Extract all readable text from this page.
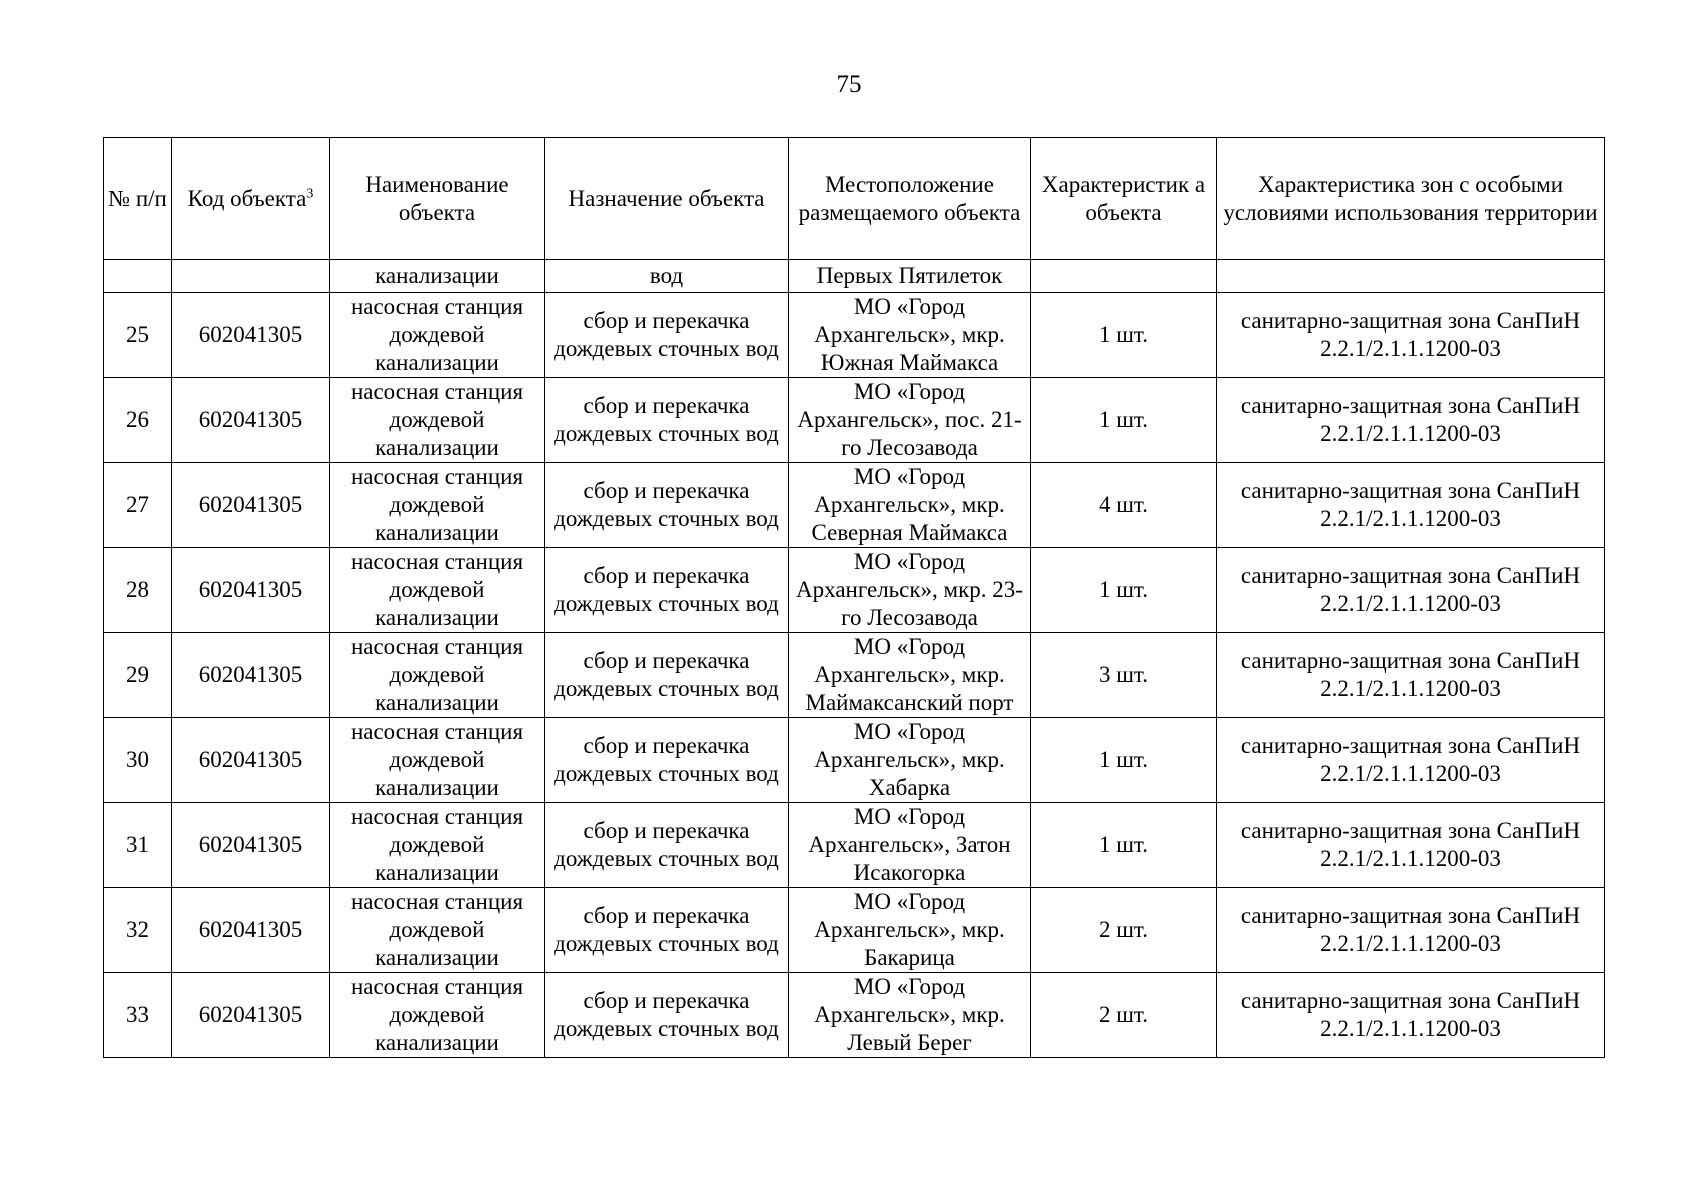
75
№ п/п	Код объекта$^3$	Наименование объекта	Назначение объекта	Местоположение размещаемого объекта	Характеристик а объекта	Характеристика зон с особыми условиями использования территории
		канализации	вод	Первых Пятилеток		
25	602041305	насосная станция дождевой канализации	сбор и перекачка дождевых сточных вод	МО «Город Архангельск», мкр. Южная Маймакса	1 шт.	санитарно-защитная зона СанПиН 2.2.1/2.1.1.1200-03
26	602041305	насосная станция дождевой канализации	сбор и перекачка дождевых сточных вод	МО «Город Архангельск», пос. 21-го Лесозавода	1 шт.	санитарно-защитная зона СанПиН 2.2.1/2.1.1.1200-03
27	602041305	насосная станция дождевой канализации	сбор и перекачка дождевых сточных вод	МО «Город Архангельск», мкр. Северная Маймакса	4 шт.	санитарно-защитная зона СанПиН 2.2.1/2.1.1.1200-03
28	602041305	насосная станция дождевой канализации	сбор и перекачка дождевых сточных вод	МО «Город Архангельск», мкр. 23-го Лесозавода	1 шт.	санитарно-защитная зона СанПиН 2.2.1/2.1.1.1200-03
29	602041305	насосная станция дождевой канализации	сбор и перекачка дождевых сточных вод	МО «Город Архангельск», мкр. Маймаксанский порт	3 шт.	санитарно-защитная зона СанПиН 2.2.1/2.1.1.1200-03
30	602041305	насосная станция дождевой канализации	сбор и перекачка дождевых сточных вод	МО «Город Архангельск», мкр. Хабарка	1 шт.	санитарно-защитная зона СанПиН 2.2.1/2.1.1.1200-03
31	602041305	насосная станция дождевой канализации	сбор и перекачка дождевых сточных вод	МО «Город Архангельск», Затон Исакогорка	1 шт.	санитарно-защитная зона СанПиН 2.2.1/2.1.1.1200-03
32	602041305	насосная станция дождевой канализации	сбор и перекачка дождевых сточных вод	МО «Город Архангельск», мкр. Бакарица	2 шт.	санитарно-защитная зона СанПиН 2.2.1/2.1.1.1200-03
33	602041305	насосная станция дождевой канализации	сбор и перекачка дождевых сточных вод	МО «Город Архангельск», мкр. Левый Берег	2 шт.	санитарно-защитная зона СанПиН 2.2.1/2.1.1.1200-03
